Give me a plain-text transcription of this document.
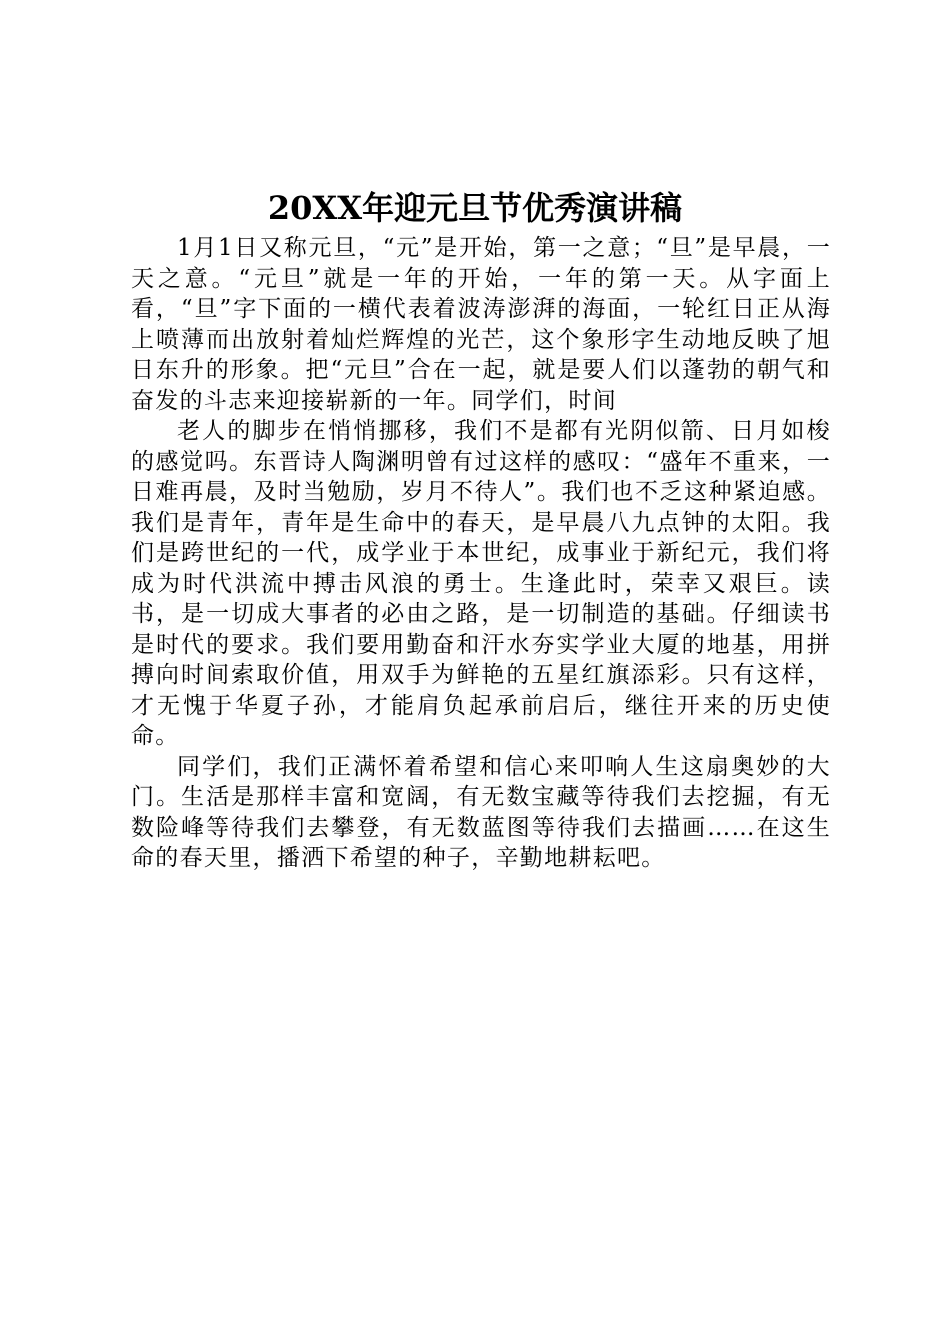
20XX年迎元旦节优秀演讲稿

1月1日又称元旦，“元”是开始，第一之意；“旦”是早晨，一天之意。“元旦”就是一年的开始，一年的第一天。从字面上看，“旦”字下面的一横代表着波涛澎湃的海面，一轮红日正从海上喷薄而出放射着灿烂辉煌的光芒，这个象形字生动地反映了旭日东升的形象。把“元旦”合在一起，就是要人们以蓬勃的朝气和奋发的斗志来迎接崭新的一年。同学们，时间

老人的脚步在悄悄挪移，我们不是都有光阴似箭、日月如梭的感觉吗。东晋诗人陶渊明曾有过这样的感叹：“盛年不重来，一日难再晨，及时当勉励，岁月不待人”。我们也不乏这种紧迫感。我们是青年，青年是生命中的春天，是早晨八九点钟的太阳。我们是跨世纪的一代，成学业于本世纪，成事业于新纪元，我们将成为时代洪流中搏击风浪的勇士。生逢此时，荣幸又艰巨。读书，是一切成大事者的必由之路，是一切制造的基础。仔细读书是时代的要求。我们要用勤奋和汗水夯实学业大厦的地基，用拼搏向时间索取价值，用双手为鲜艳的五星红旗添彩。只有这样，才无愧于华夏子孙，才能肩负起承前启后，继往开来的历史使命。

同学们，我们正满怀着希望和信心来叩响人生这扇奥妙的大门。生活是那样丰富和宽阔，有无数宝藏等待我们去挖掘，有无数险峰等待我们去攀登，有无数蓝图等待我们去描画……在这生命的春天里，播洒下希望的种子，辛勤地耕耘吧。
